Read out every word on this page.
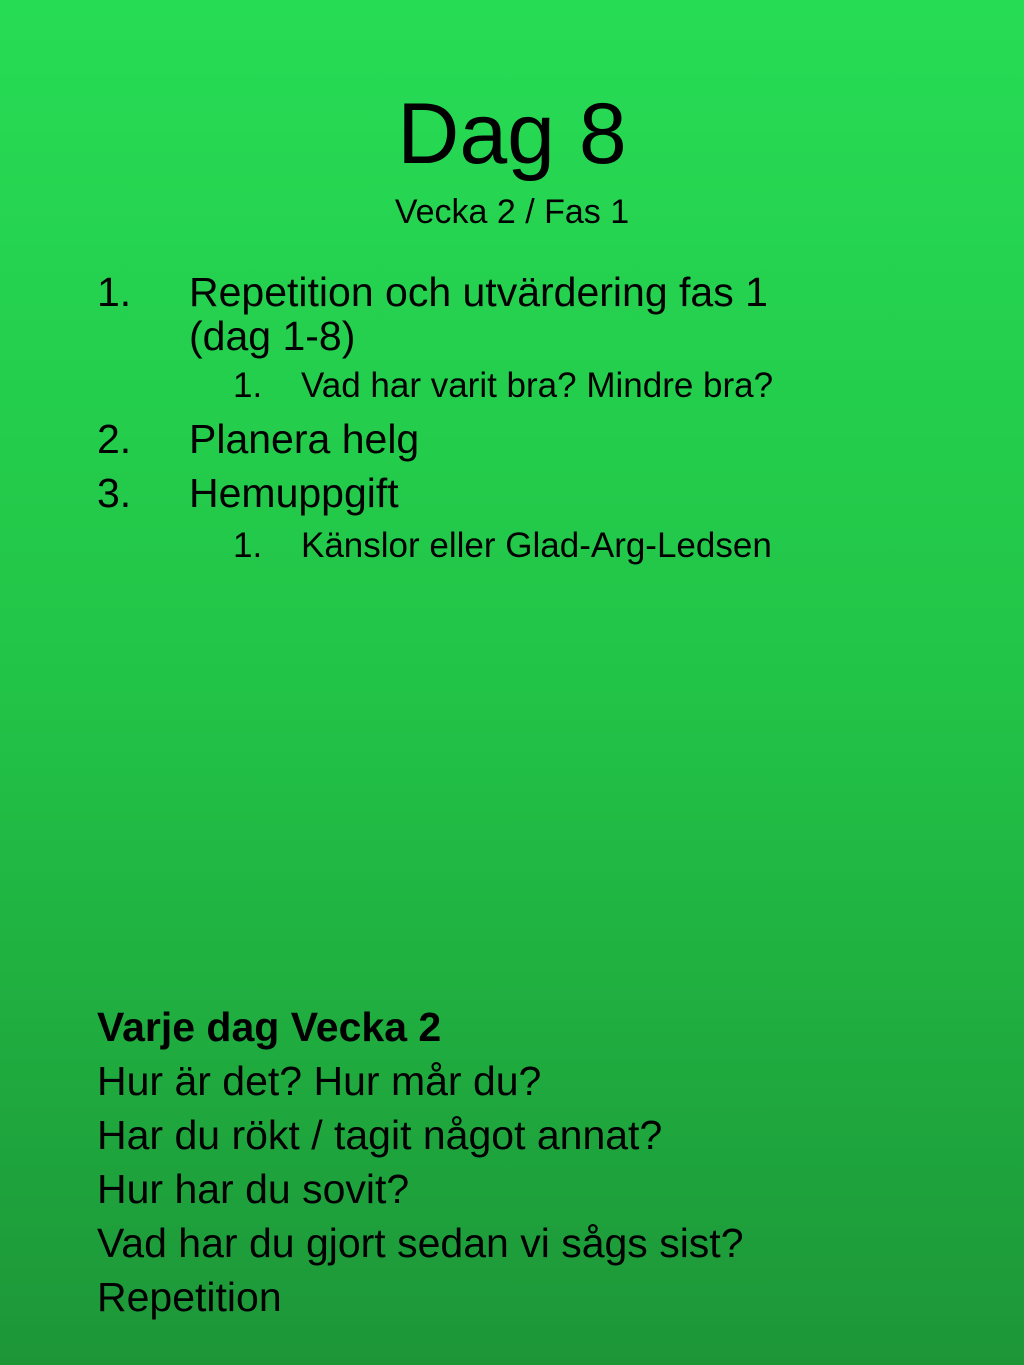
Dag 8
Vecka 2 / Fas 1
1. Repetition och utvärdering fas 1
(dag 1-8)
1. Vad har varit bra? Mindre bra?
2. Planera helg
3. Hemuppgift
1. Känslor eller Glad-Arg-Ledsen
Varje dag Vecka 2
Hur är det? Hur mår du?
Har du rökt / tagit något annat?
Hur har du sovit?
Vad har du gjort sedan vi sågs sist?
Repetition
